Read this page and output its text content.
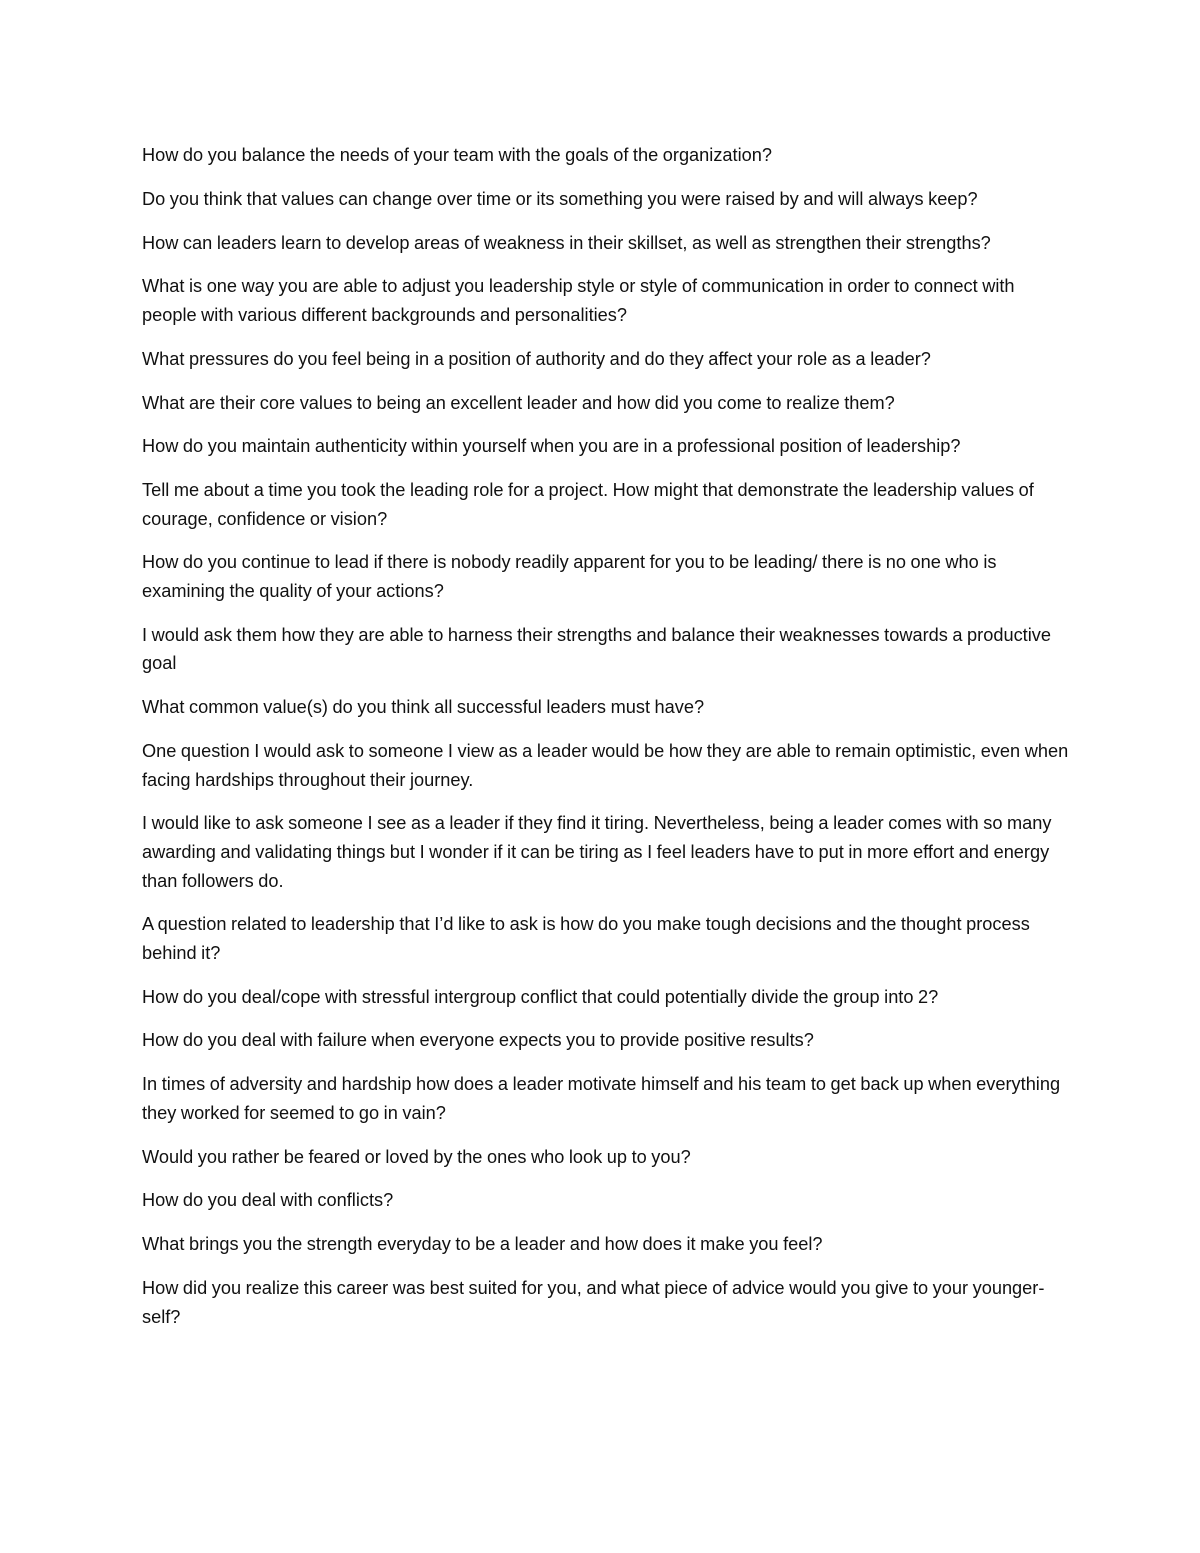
How do you balance the needs of your team with the goals of the organization?

Do you think that values can change over time or its something you were raised by and will always keep?

How can leaders learn to develop areas of weakness in their skillset, as well as strengthen their strengths?

What is one way you are able to adjust you leadership style or style of communication in order to connect with people with various different backgrounds and personalities?

What pressures do you feel being in a position of authority and do they affect your role as a leader?

What are their core values to being an excellent leader and how did you come to realize them?

How do you maintain authenticity within yourself when you are in a professional position of leadership?

Tell me about a time you took the leading role for a project. How might that demonstrate the leadership values of courage, confidence or vision?

How do you continue to lead if there is nobody readily apparent for you to be leading/ there is no one who is examining the quality of your actions?

I would ask them how they are able to harness their strengths and balance their weaknesses towards a productive goal

What common value(s) do you think all successful leaders must have?

One question I would ask to someone I view as a leader would be how they are able to remain optimistic, even when facing hardships throughout their journey.

I would like to ask someone I see as a leader if they find it tiring. Nevertheless, being a leader comes with so many awarding and validating things but I wonder if it can be tiring as I feel leaders have to put in more effort and energy than followers do.

A question related to leadership that I’d like to ask is how do you make tough decisions and the thought process behind it?

How do you deal/cope with stressful intergroup conflict that could potentially divide the group into 2?

How do you deal with failure when everyone expects you to provide positive results?

In times of adversity and hardship how does a leader motivate himself and his team to get back up when everything they worked for seemed to go in vain?

Would you rather be feared or loved by the ones who look up to you?

How do you deal with conflicts?

What brings you the strength everyday to be a leader and how does it make you feel?

How did you realize this career was best suited for you, and what piece of advice would you give to your younger-self?
